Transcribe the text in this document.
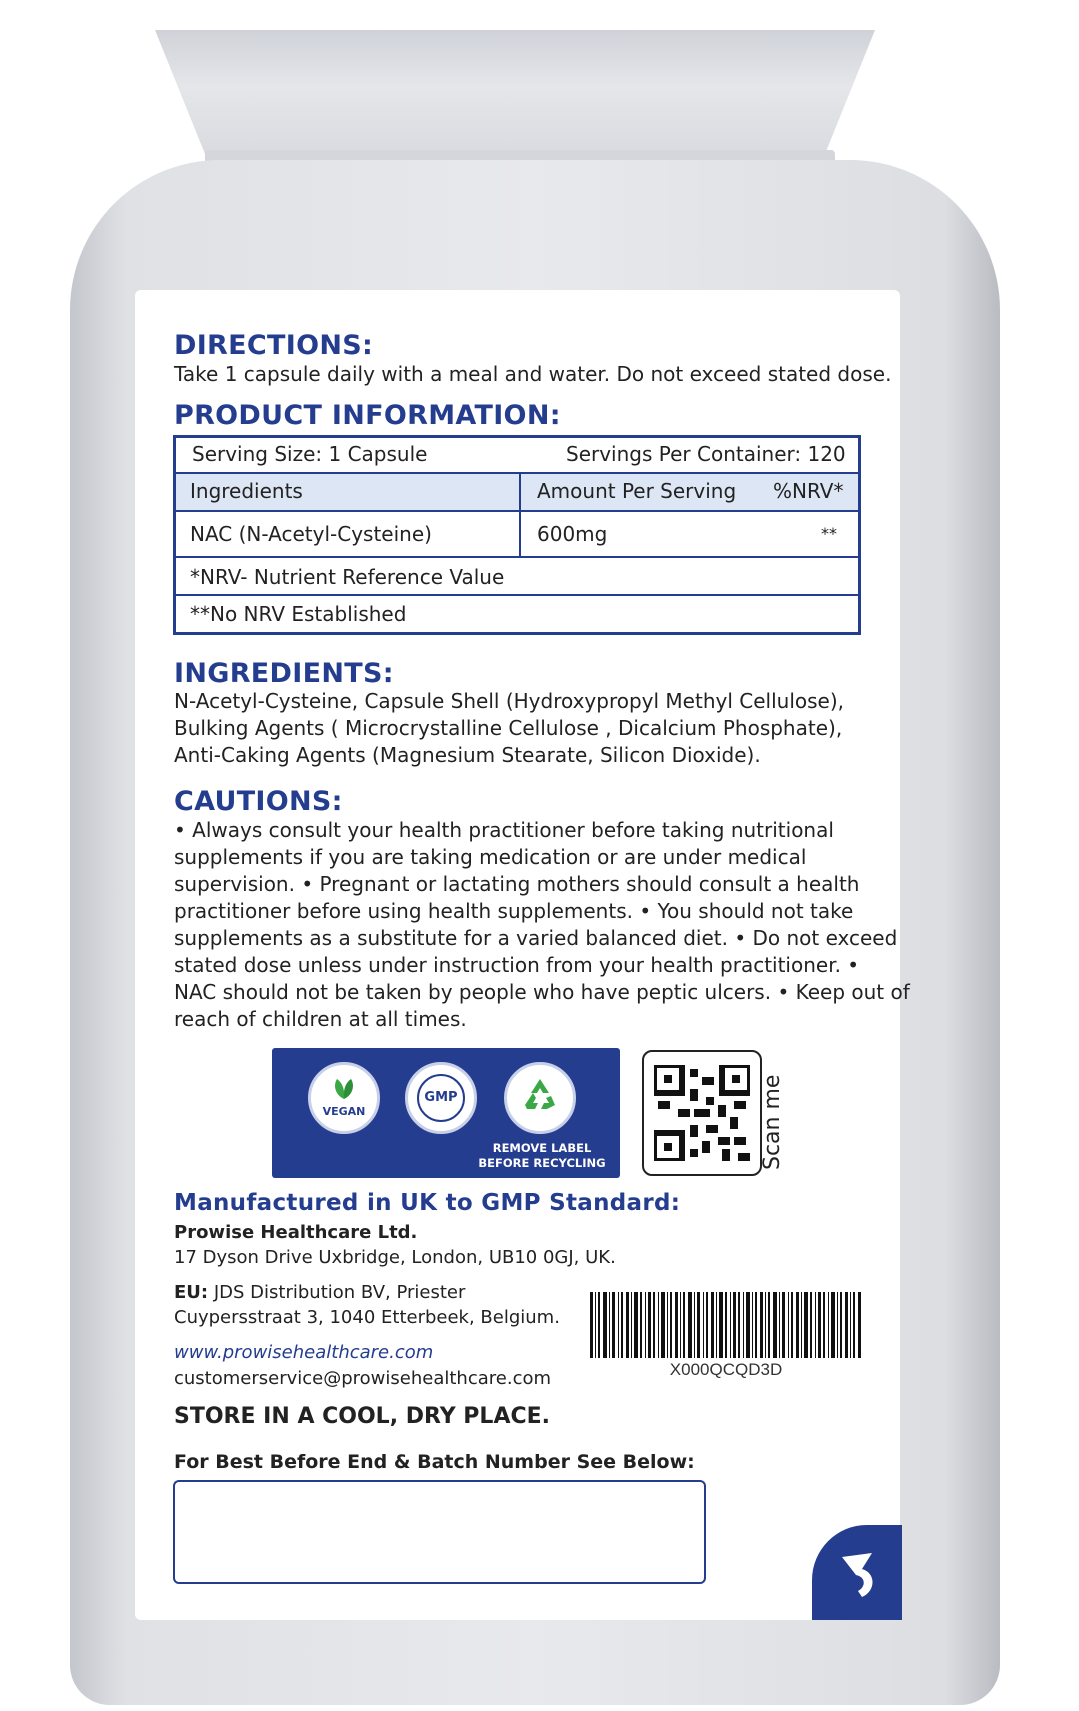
DIRECTIONS:
Take 1 capsule daily with a meal and water. Do not exceed stated dose.
PRODUCT INFORMATION:
Serving Size: 1 Capsule	Servings Per Container: 120
Ingredients	Amount Per Serving %NRV*
NAC (N-Acetyl-Cysteine)	600mg	**
*NRV- Nutrient Reference Value
**No NRV Established
INGREDIENTS:
N-Acetyl-Cysteine, Capsule Shell (Hydroxypropyl Methyl Cellulose),
Bulking Agents ( Microcrystalline Cellulose , Dicalcium Phosphate),
Anti-Caking Agents (Magnesium Stearate, Silicon Dioxide).
CAUTIONS:
• Always consult your health practitioner before taking nutritional
supplements if you are taking medication or are under medical
supervision. • Pregnant or lactating mothers should consult a health
practitioner before using health supplements. • You should not take
supplements as a substitute for a varied balanced diet. • Do not exceed
stated dose unless under instruction from your health practitioner. •
NAC should not be taken by people who have peptic ulcers. • Keep out of
reach of children at all times.
VEGAN
GMP
REMOVE LABEL
BEFORE RECYCLING	Scan me
Manufactured in UK to GMP Standard:
Prowise Healthcare Ltd.
17 Dyson Drive Uxbridge, London, UB10 0GJ, UK.
EU: JDS Distribution BV, Priester
Cuypersstraat 3, 1040 Etterbeek, Belgium.
www.prowisehealthcare.com
customerservice@prowisehealthcare.com	X000QCQD3D
STORE IN A COOL, DRY PLACE.
For Best Before End & Batch Number See Below:
